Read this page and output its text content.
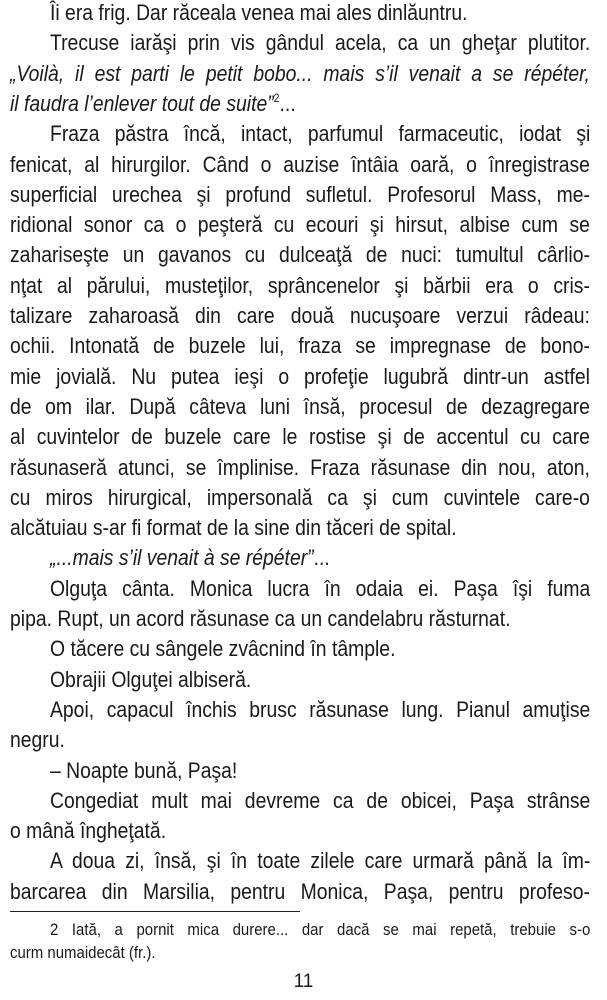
Îi era frig. Dar răceala venea mai ales dinlăuntru.
Trecuse iarăşi prin vis gândul acela, ca un gheţar plutitor.
„Voilà, il est parti le petit bobo... mais s’il venait a se répéter,
il faudra l’enlever tout de suite”$^2$...
Fraza păstra încă, intact, parfumul farmaceutic, iodat şi
fenicat, al hirurgilor. Când o auzise întâia oară, o înregistrase
superficial urechea şi profund sufletul. Profesorul Mass, me-
ridional sonor ca o peşteră cu ecouri şi hirsut, albise cum se
zahariseşte un gavanos cu dulceaţă de nuci: tumultul cârlio-
nţat al părului, musteţilor, sprâncenelor şi bărbii era o cris-
talizare zaharoasă din care două nucuşoare verzui râdeau:
ochii. Intonată de buzele lui, fraza se impregnase de bono-
mie jovială. Nu putea ieşi o profeţie lugubră dintr-un astfel
de om ilar. După câteva luni însă, procesul de dezagregare
al cuvintelor de buzele care le rostise şi de accentul cu care
răsunaseră atunci, se împlinise. Fraza răsunase din nou, aton,
cu miros hirurgical, impersonală ca şi cum cuvintele care-o
alcătuiau s-ar fi format de la sine din tăceri de spital.
„...mais s’il venait à se répéter”...
Olguţa cânta. Monica lucra în odaia ei. Paşa îşi fuma
pipa. Rupt, un acord răsunase ca un candelabru răsturnat.
O tăcere cu sângele zvâcnind în tâmple.
Obrajii Olguţei albiseră.
Apoi, capacul închis brusc răsunase lung. Pianul amuţise
negru.
– Noapte bună, Paşa!
Congediat mult mai devreme ca de obicei, Paşa strânse
o mână îngheţată.
A doua zi, însă, şi în toate zilele care urmară până la îm-
barcarea din Marsilia, pentru Monica, Paşa, pentru profeso-
2 Iată, a pornit mica durere... dar dacă se mai repetă, trebuie s-o
curm numaidecât (fr.).
11
